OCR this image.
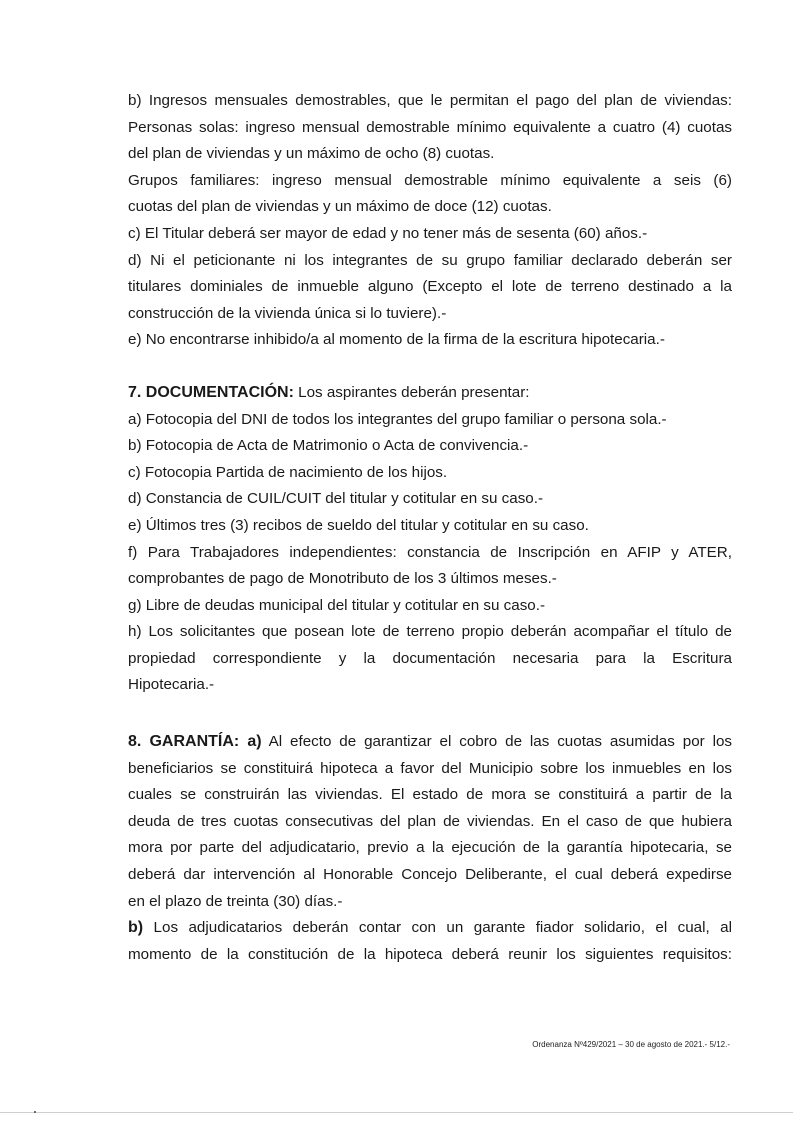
b) Ingresos mensuales demostrables, que le permitan el pago del plan de viviendas:

Personas solas: ingreso mensual demostrable mínimo equivalente a cuatro (4) cuotas

del plan de viviendas y un máximo de ocho (8) cuotas.

Grupos familiares: ingreso mensual demostrable mínimo equivalente a seis (6)

cuotas del plan de viviendas y un máximo de doce (12) cuotas.

c) El Titular deberá ser mayor de edad y no tener más de sesenta (60) años.-

d) Ni el peticionante ni los integrantes de su grupo familiar declarado deberán ser

titulares dominiales de inmueble alguno (Excepto el lote de terreno destinado a la

construcción de la vivienda única si lo tuviere).-

e) No encontrarse inhibido/a al momento de la firma de la escritura hipotecaria.-

7. DOCUMENTACIÓN: Los aspirantes deberán presentar:

a) Fotocopia del DNI de todos los integrantes del grupo familiar o persona sola.-

b) Fotocopia de Acta de Matrimonio o Acta de convivencia.-

c) Fotocopia Partida de nacimiento de los hijos.

d) Constancia de CUIL/CUIT del titular y cotitular en su caso.-

e) Últimos tres (3) recibos de sueldo del titular y cotitular en su caso.

f) Para Trabajadores independientes: constancia de Inscripción en AFIP y ATER,

comprobantes de pago de Monotributo de los 3 últimos meses.-

g) Libre de deudas municipal del titular y cotitular en su caso.-

h) Los solicitantes que posean lote de terreno propio deberán acompañar el título de

propiedad correspondiente y la documentación necesaria para la Escritura

Hipotecaria.-

8. GARANTÍA: a) Al efecto de garantizar el cobro de las cuotas asumidas por los

beneficiarios se constituirá hipoteca a favor del Municipio sobre los inmuebles en los

cuales se construirán las viviendas. El estado de mora se constituirá a partir de la

deuda de tres cuotas consecutivas del plan de viviendas. En el caso de que hubiera

mora por parte del adjudicatario, previo a la ejecución de la garantía hipotecaria, se

deberá dar intervención al Honorable Concejo Deliberante, el cual deberá expedirse

en el plazo de treinta (30) días.-

b) Los adjudicatarios deberán contar con un garante fiador solidario, el cual, al

momento de la constitución de la hipoteca deberá reunir los siguientes requisitos:

Ordenanza Nº429/2021 – 30 de agosto de 2021.- 5/12.-
